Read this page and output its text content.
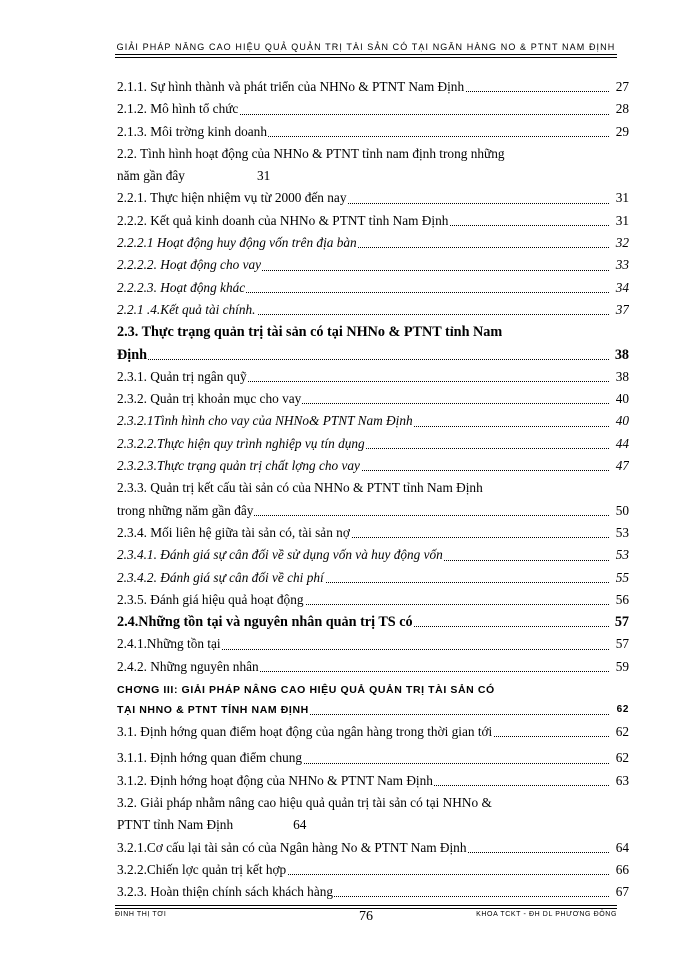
GIẢI PHÁP NÂNG CAO HIỆU QUẢ QUẢN TRỊ TÀI SẢN CÓ TẠI NGÂN HÀNG NO & PTNT NAM ĐỊNH
2.1.1. Sự hình thành và phát triển của NHNo & PTNT Nam Định	27
2.1.2. Mô hình tổ chức	28
2.1.3. Môi trờng kinh doanh	29
2.2. Tình hình hoạt động của NHNo & PTNT tỉnh nam định trong những
năm gần đây	31
2.2.1. Thực hiện nhiệm vụ từ 2000 đến nay	31
2.2.2. Kết quả kinh doanh của NHNo & PTNT tỉnh Nam Định	31
2.2.2.1 Hoạt động huy động vốn trên địa bàn	32
2.2.2.2. Hoạt động cho vay	33
2.2.2.3. Hoạt động khác	34
2.2.1 .4.Kết quả tài chính.	37
2.3. Thực trạng quản trị tài sản có tại NHNo & PTNT tỉnh Nam
Định	38
2.3.1. Quản trị ngân quỹ	38
2.3.2. Quản trị khoản mục cho vay	40
2.3.2.1Tình hình cho vay của NHNo& PTNT Nam Định	40
2.3.2.2.Thực hiện quy trình nghiệp vụ tín dụng	44
2.3.2.3.Thực trạng quản trị chất lợng cho vay	47
2.3.3. Quản trị kết cấu tài sản có của NHNo & PTNT tỉnh Nam Định
trong những năm gần đây	50
2.3.4. Mối liên hệ giữa tài sản có, tài sản nợ	53
2.3.4.1. Đánh giá sự cân đối về sử dụng vốn và huy động vốn	53
2.3.4.2. Đánh giá sự cân đối về chi phí	55
2.3.5. Đánh giá hiệu quả hoạt động	56
2.4.Những tồn tại và nguyên nhân quản trị TS có	57
2.4.1.Những tồn tại	57
2.4.2. Những nguyên nhân	59
CHƠNG III: GIẢI PHÁP NÂNG CAO HIỆU QUẢ QUẢN TRỊ TÀI SẢN CÓ
TẠI NHNO & PTNT TỈNH NAM ĐỊNH	62
3.1. Định hớng quan điểm hoạt động của ngân hàng trong thời gian tới	62
3.1.1. Định hớng quan điểm chung	62
3.1.2. Định hớng hoạt động của NHNo & PTNT Nam Định	63
3.2. Giải pháp nhằm nâng cao hiệu quả quản trị tài sản có tại NHNo &
PTNT tỉnh Nam Định	64
3.2.1.Cơ cấu lại tài sản có của Ngân hàng No & PTNT Nam Định	64
3.2.2.Chiến lợc quản trị kết hợp	66
3.2.3. Hoàn thiện chính sách khách hàng	67
ĐINH THỊ TƠI	76	KHOA TCKT - ĐH DL PHƯƠNG ĐÔNG
